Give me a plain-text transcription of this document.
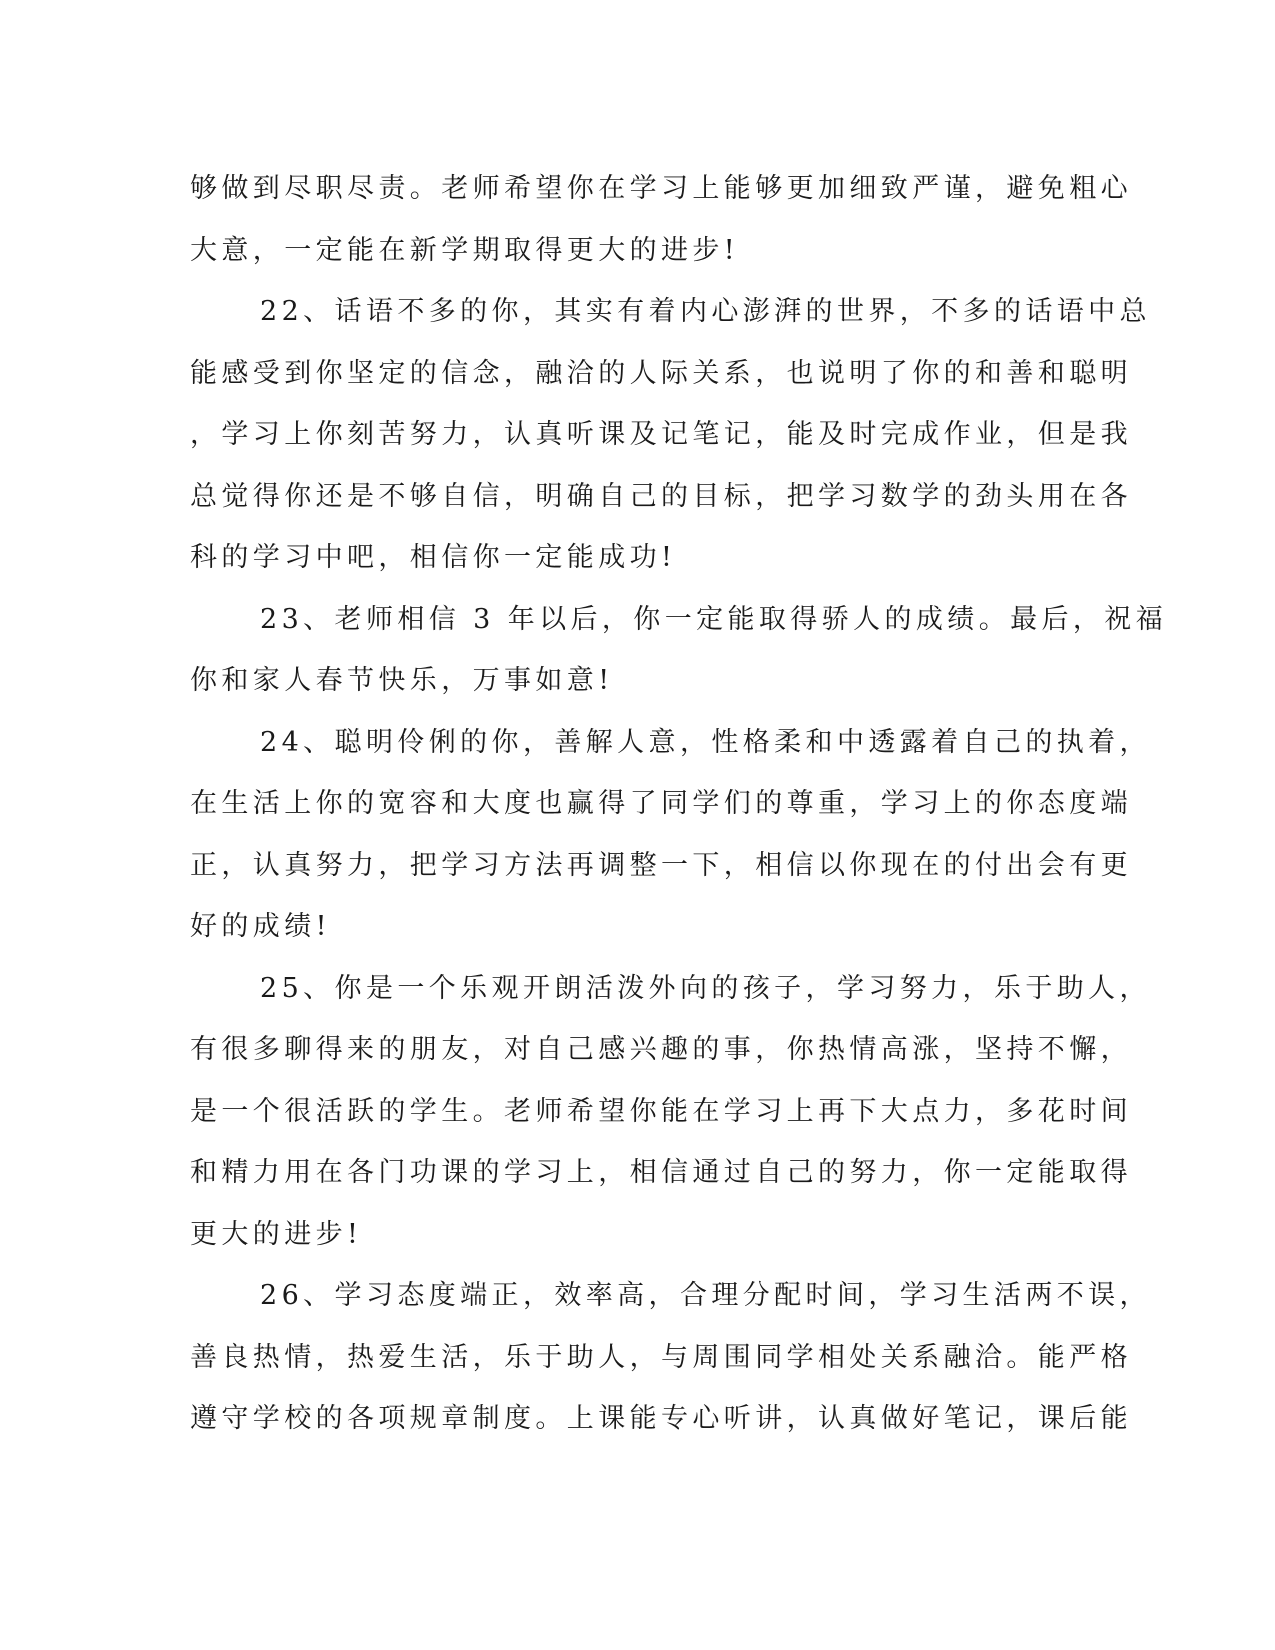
够做到尽职尽责。老师希望你在学习上能够更加细致严谨，避免粗心
大意，一定能在新学期取得更大的进步!
22、话语不多的你，其实有着内心澎湃的世界，不多的话语中总
能感受到你坚定的信念，融洽的人际关系，也说明了你的和善和聪明
，学习上你刻苦努力，认真听课及记笔记，能及时完成作业，但是我
总觉得你还是不够自信，明确自己的目标，把学习数学的劲头用在各
科的学习中吧，相信你一定能成功!
23、老师相信 3 年以后，你一定能取得骄人的成绩。最后，祝福
你和家人春节快乐，万事如意!
24、聪明伶俐的你，善解人意，性格柔和中透露着自己的执着，
在生活上你的宽容和大度也赢得了同学们的尊重，学习上的你态度端
正，认真努力，把学习方法再调整一下，相信以你现在的付出会有更
好的成绩!
25、你是一个乐观开朗活泼外向的孩子，学习努力，乐于助人，
有很多聊得来的朋友，对自己感兴趣的事，你热情高涨，坚持不懈，
是一个很活跃的学生。老师希望你能在学习上再下大点力，多花时间
和精力用在各门功课的学习上，相信通过自己的努力，你一定能取得
更大的进步!
26、学习态度端正，效率高，合理分配时间，学习生活两不误，
善良热情，热爱生活，乐于助人，与周围同学相处关系融洽。能严格
遵守学校的各项规章制度。上课能专心听讲，认真做好笔记，课后能
